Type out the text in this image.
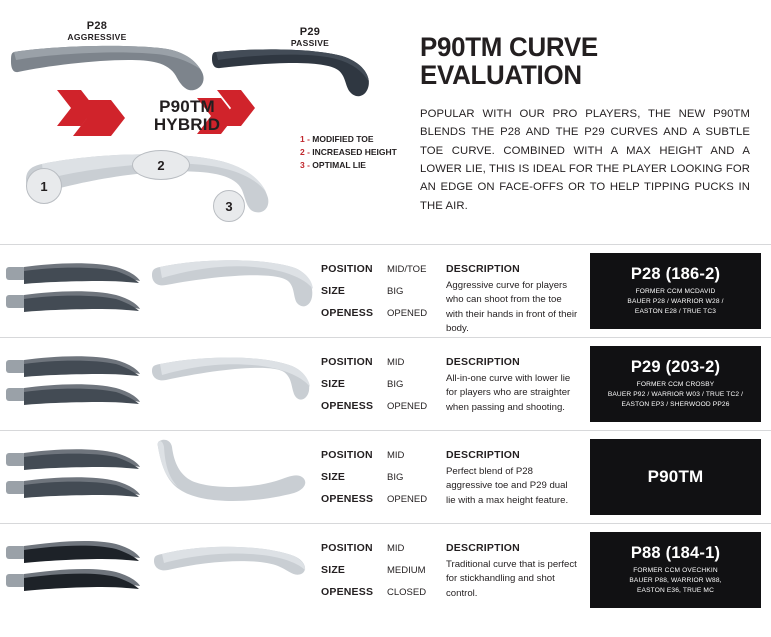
1
2
3
P28
AGGRESSIVE	P29
PASSIVE
P90TM
HYBRID
1 - MODIFIED TOE
2 - INCREASED HEIGHT
3 - OPTIMAL LIE
P90TM CURVE
EVALUATION
POPULAR WITH OUR PRO PLAYERS, THE NEW P90TM BLENDS THE P28 AND THE P29 CURVES AND A SUBTLE TOE CURVE. COMBINED WITH A MAX HEIGHT AND A LOWER LIE, THIS IS IDEAL FOR THE PLAYER LOOKING FOR AN EDGE ON FACE-OFFS OR TO HELP TIPPING PUCKS IN THE AIR.
POSITION	MID/TOE
SIZE	BIG
OPENESS	OPENED
DESCRIPTION
Aggressive curve for players who can shoot from the toe with their hands in front of their body.
P28 (186-2)
FORMER CCM MCDAVID
BAUER P28 / WARRIOR W28 /
EASTON E28 / TRUE TC3
POSITION	MID
SIZE	BIG
OPENESS	OPENED
DESCRIPTION
All-in-one curve with lower lie for players who are straighter when passing and shooting.
P29 (203-2)
FORMER CCM CROSBY
BAUER P92 / WARRIOR W03 / TRUE TC2 /
EASTON EP3 / SHERWOOD PP26
POSITION	MID
SIZE	BIG
OPENESS	OPENED
DESCRIPTION
Perfect blend of P28 aggressive toe and P29 dual lie with a max height feature.
P90TM
POSITION	MID
SIZE	MEDIUM
OPENESS	CLOSED
DESCRIPTION
Traditional curve that is perfect for stickhandling and shot control.
P88 (184-1)
FORMER CCM OVECHKIN
BAUER P88, WARRIOR W88,
EASTON E36, TRUE MC
